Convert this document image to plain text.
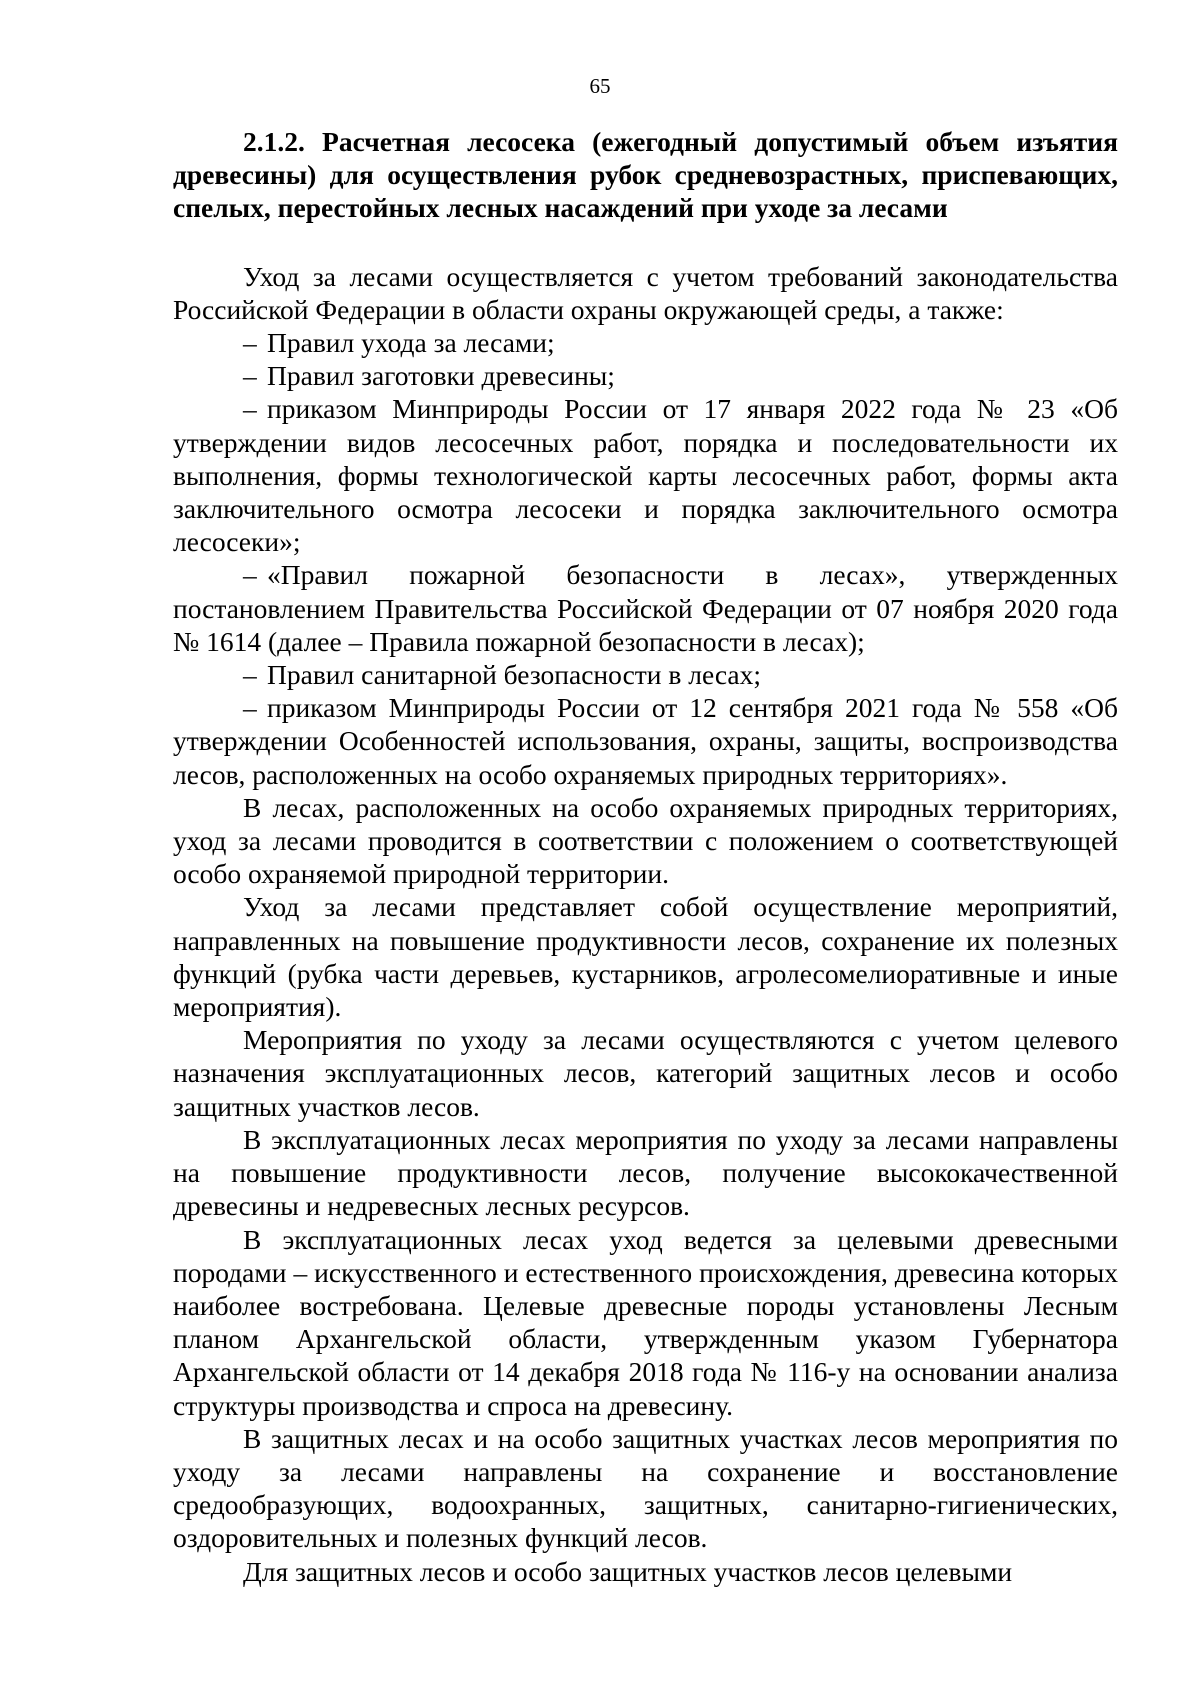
65

2.1.2. Расчетная лесосека (ежегодный допустимый объем изъятия древесины) для осуществления рубок средневозрастных, приспевающих, спелых, перестойных лесных насаждений при уходе за лесами

Уход за лесами осуществляется с учетом требований законодательства Российской Федерации в области охраны окружающей среды, а также:

– Правил ухода за лесами;

– Правил заготовки древесины;

– приказом Минприроды России от 17 января 2022 года № 23 «Об утверждении видов лесосечных работ, порядка и последовательности их выполнения, формы технологической карты лесосечных работ, формы акта заключительного осмотра лесосеки и порядка заключительного осмотра лесосеки»;

– «Правил пожарной безопасности в лесах», утвержденных постановлением Правительства Российской Федерации от 07 ноября 2020 года № 1614 (далее – Правила пожарной безопасности в лесах);

– Правил санитарной безопасности в лесах;

– приказом Минприроды России от 12 сентября 2021 года № 558 «Об утверждении Особенностей использования, охраны, защиты, воспроизводства лесов, расположенных на особо охраняемых природных территориях».

В лесах, расположенных на особо охраняемых природных территориях, уход за лесами проводится в соответствии с положением о соответствующей особо охраняемой природной территории.

Уход за лесами представляет собой осуществление мероприятий, направленных на повышение продуктивности лесов, сохранение их полезных функций (рубка части деревьев, кустарников, агролесомелиоративные и иные мероприятия).

Мероприятия по уходу за лесами осуществляются с учетом целевого назначения эксплуатационных лесов, категорий защитных лесов и особо защитных участков лесов.

В эксплуатационных лесах мероприятия по уходу за лесами направлены на повышение продуктивности лесов, получение высококачественной древесины и недревесных лесных ресурсов.

В эксплуатационных лесах уход ведется за целевыми древесными породами – искусственного и естественного происхождения, древесина которых наиболее востребована. Целевые древесные породы установлены Лесным планом Архангельской области, утвержденным указом Губернатора Архангельской области от 14 декабря 2018 года № 116-у на основании анализа структуры производства и спроса на древесину.

В защитных лесах и на особо защитных участках лесов мероприятия по уходу за лесами направлены на сохранение и восстановление средообразующих, водоохранных, защитных, санитарно-гигиенических, оздоровительных и полезных функций лесов.

Для защитных лесов и особо защитных участков лесов целевыми
